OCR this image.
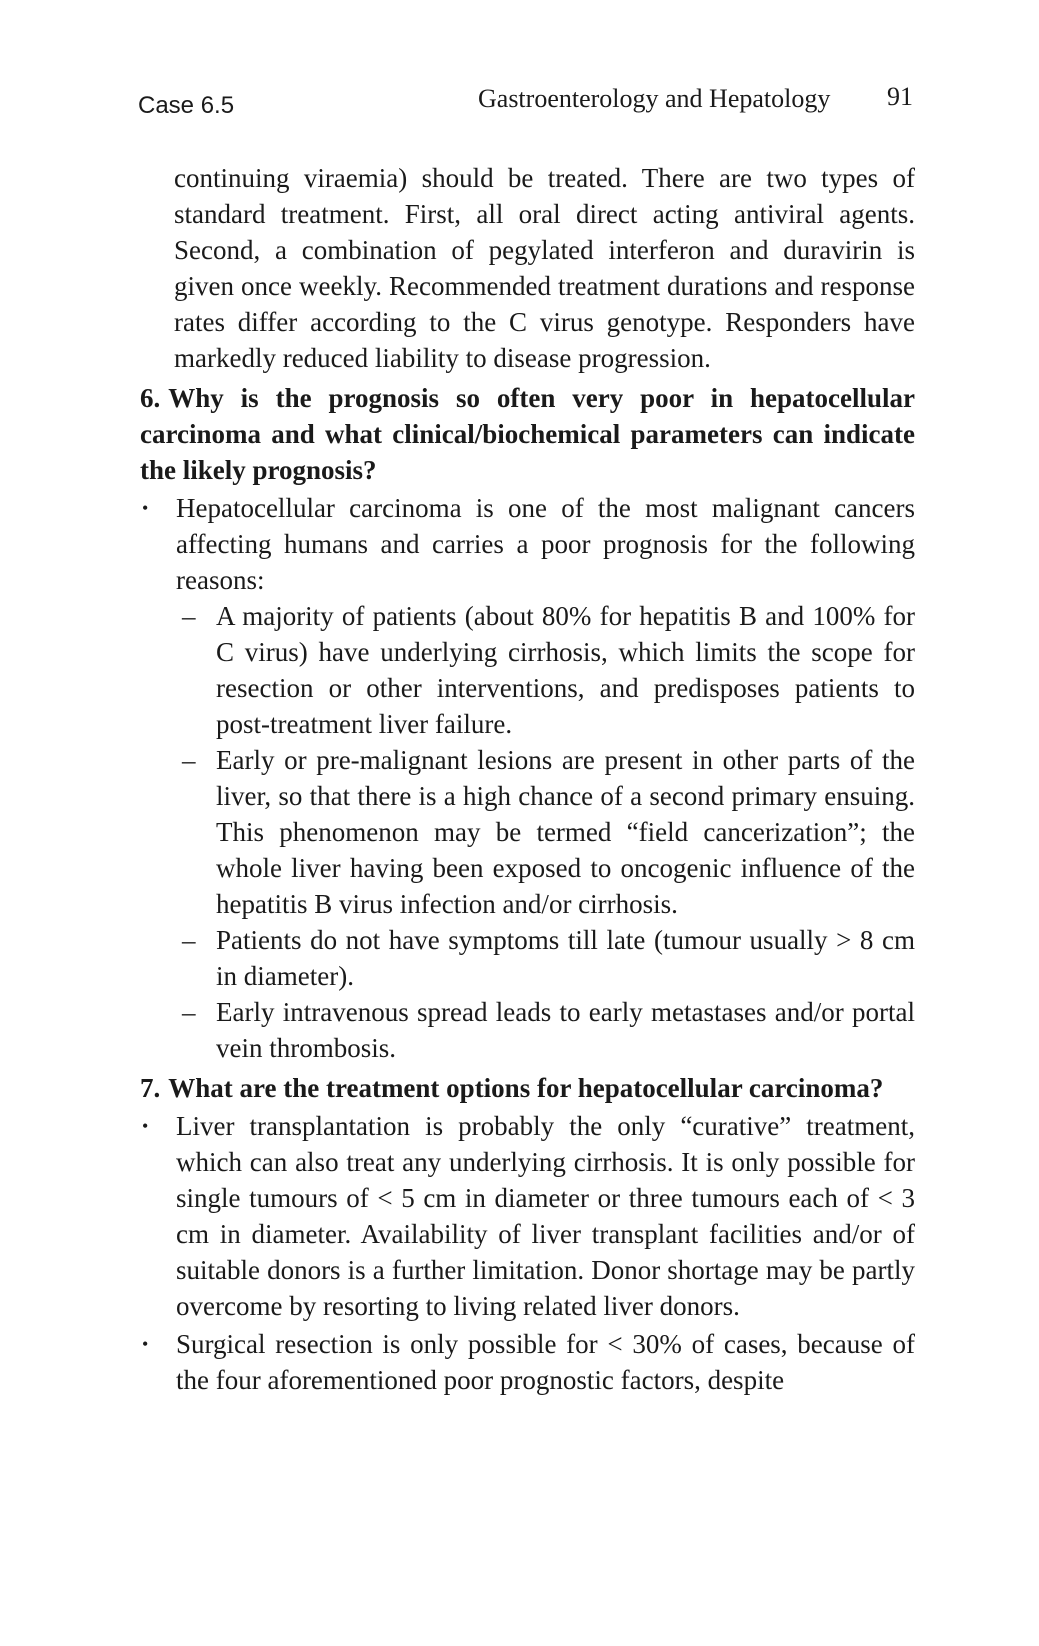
Case 6.5	Gastroenterology and Hepatology 91

continuing viraemia) should be treated. There are two types of standard treatment. First, all oral direct acting antiviral agents. Second, a combination of pegylated interferon and duravirin is given once weekly. Recommended treatment durations and response rates differ according to the C virus genotype. Responders have markedly reduced liability to disease progression.

6. Why is the prognosis so often very poor in hepatocellular carcinoma and what clinical/biochemical parameters can indicate the likely prognosis?
• Hepatocellular carcinoma is one of the most malignant cancers affecting humans and carries a poor prognosis for the following reasons:
– A majority of patients (about 80% for hepatitis B and 100% for C virus) have underlying cirrhosis, which limits the scope for resection or other interventions, and predisposes patients to post-treatment liver failure.
– Early or pre-malignant lesions are present in other parts of the liver, so that there is a high chance of a second primary ensuing. This phenomenon may be termed “field cancerization”; the whole liver having been exposed to oncogenic influence of the hepatitis B virus infection and/or cirrhosis.
– Patients do not have symptoms till late (tumour usually > 8 cm in diameter).
– Early intravenous spread leads to early metastases and/or portal vein thrombosis.
7. What are the treatment options for hepatocellular carcinoma?
• Liver transplantation is probably the only “curative” treatment, which can also treat any underlying cirrhosis. It is only possible for single tumours of < 5 cm in diameter or three tumours each of < 3 cm in diameter. Availability of liver transplant facilities and/or of suitable donors is a further limitation. Donor shortage may be partly overcome by resorting to living related liver donors.
• Surgical resection is only possible for < 30% of cases, because of the four aforementioned poor prognostic factors, despite
